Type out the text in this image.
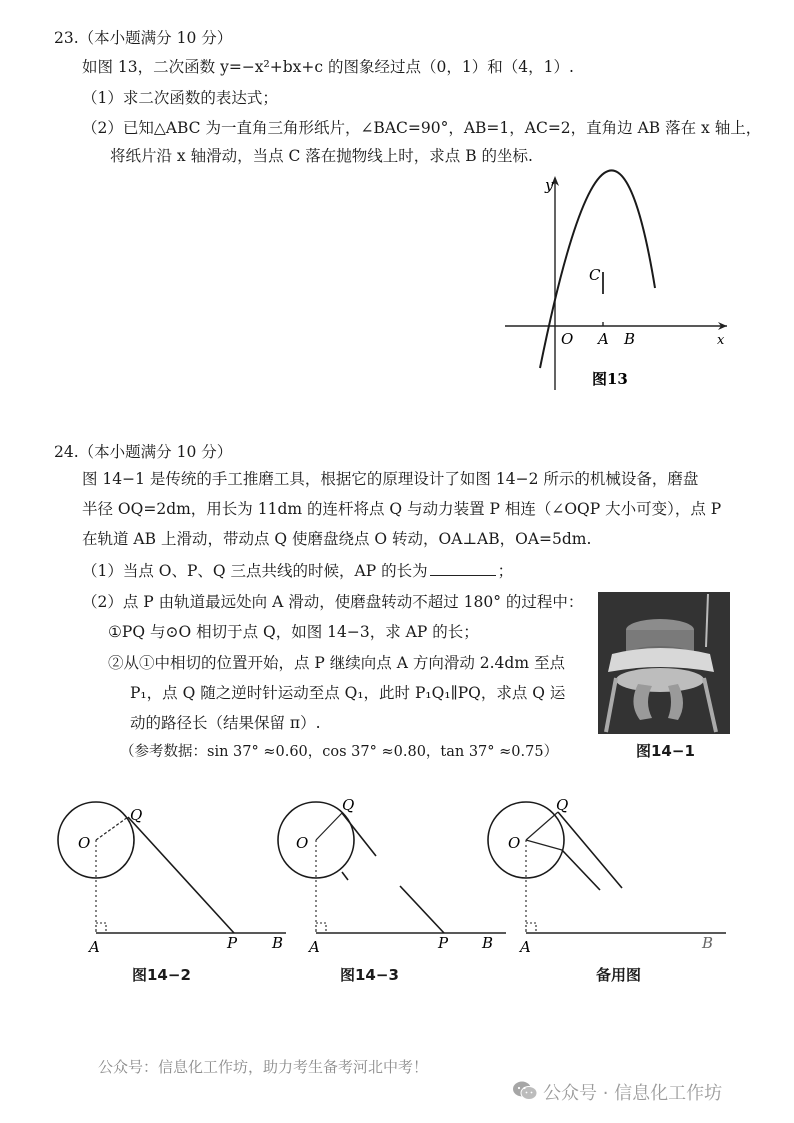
23.（本小题满分 10 分）
如图 13，二次函数 y=−x²+bx+c 的图象经过点（0，1）和（4，1）.
（1）求二次函数的表达式；
（2）已知△ABC 为一直角三角形纸片，∠BAC=90°，AB=1，AC=2，直角边 AB 落在 x 轴上，
将纸片沿 x 轴滑动，当点 C 落在抛物线上时，求点 B 的坐标.
y
x
O A B
C
图13
24.（本小题满分 10 分）
图 14−1 是传统的手工推磨工具，根据它的原理设计了如图 14−2 所示的机械设备，磨盘
半径 OQ=2dm，用长为 11dm 的连杆将点 Q 与动力装置 P 相连（∠OQP 大小可变），点 P
在轨道 AB 上滑动，带动点 Q 使磨盘绕点 O 转动，OA⊥AB，OA=5dm.
（1）当点 O、P、Q 三点共线的时候，AP 的长为	；
（2）点 P 由轨道最远处向 A 滑动，使磨盘转动不超过 180° 的过程中：
①PQ 与⊙O 相切于点 Q，如图 14−3，求 AP 的长；
②从①中相切的位置开始，点 P 继续向点 A 方向滑动 2.4dm 至点
P₁，点 Q 随之逆时针运动至点 Q₁，此时 P₁Q₁∥PQ，求点 Q 运
动的路径长（结果保留 π）.
（参考数据：sin 37° ≈0.60，cos 37° ≈0.80，tan 37° ≈0.75）	图14−1
O
Q
A	P B
图14−2
O
Q
A	P B
图14−3
O
Q
A	B
备用图
公众号：信息化工作坊，助力考生备考河北中考！
公众号 · 信息化工作坊
